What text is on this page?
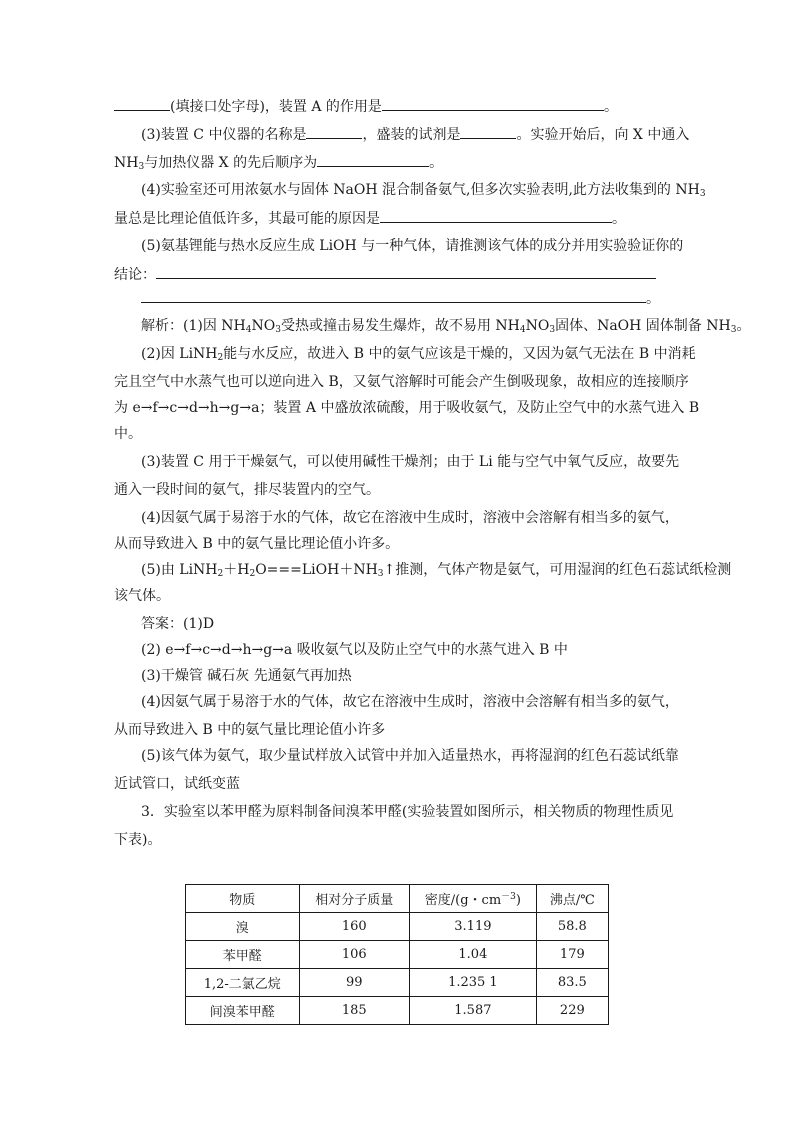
(填接口处字母)，装置 A 的作用是	。
(3)装置 C 中仪器的名称是	，盛装的试剂是	。实验开始后，向 X 中通入
$NH_3$与加热仪器 X 的先后顺序为	。
(4)实验室还可用浓氨水与固体 NaOH 混合制备氨气,但多次实验表明,此方法收集到的 $NH_3$
量总是比理论值低许多，其最可能的原因是	。
(5)氨基锂能与热水反应生成 LiOH 与一种气体，请推测该气体的成分并用实验验证你的
结论：
。
解析：(1)因 $NH_4NO_3$受热或撞击易发生爆炸，故不易用 $NH_4NO_3$固体、NaOH 固体制备 $NH_3$。
(2)因 LiNH$_2$能与水反应，故进入 B 中的氨气应该是干燥的，又因为氨气无法在 B 中消耗
完且空气中水蒸气也可以逆向进入 B，又氨气溶解时可能会产生倒吸现象，故相应的连接顺序
为 e→f→c→d→h→g→a；装置 A 中盛放浓硫酸，用于吸收氨气，及防止空气中的水蒸气进入 B
中。
(3)装置 C 用于干燥氨气，可以使用碱性干燥剂；由于 Li 能与空气中氧气反应，故要先
通入一段时间的氨气，排尽装置内的空气。
(4)因氨气属于易溶于水的气体，故它在溶液中生成时，溶液中会溶解有相当多的氨气，
从而导致进入 B 中的氨气量比理论值小许多。
(5)由 $LiNH_2+H_2O===LiOH+NH_3↑$推测，气体产物是氨气，可用湿润的红色石蕊试纸检测
该气体。
答案：(1)D
(2) e→f→c→d→h→g→a 吸收氨气以及防止空气中的水蒸气进入 B 中
(3)干燥管 碱石灰 先通氨气再加热
(4)因氨气属于易溶于水的气体，故它在溶液中生成时，溶液中会溶解有相当多的氨气，
从而导致进入 B 中的氨气量比理论值小许多
(5)该气体为氨气，取少量试样放入试管中并加入适量热水，再将湿润的红色石蕊试纸靠
近试管口，试纸变蓝
3．实验室以苯甲醛为原料制备间溴苯甲醛(实验装置如图所示，相关物质的物理性质见
下表)。
物质	相对分子质量	密度/(g・$cm^{-3}$)	沸点/℃
溴	160	3.119	58.8
苯甲醛	106	1.04	179
1,2-二氯乙烷	99	1.235 1	83.5
间溴苯甲醛	185	1.587	229
